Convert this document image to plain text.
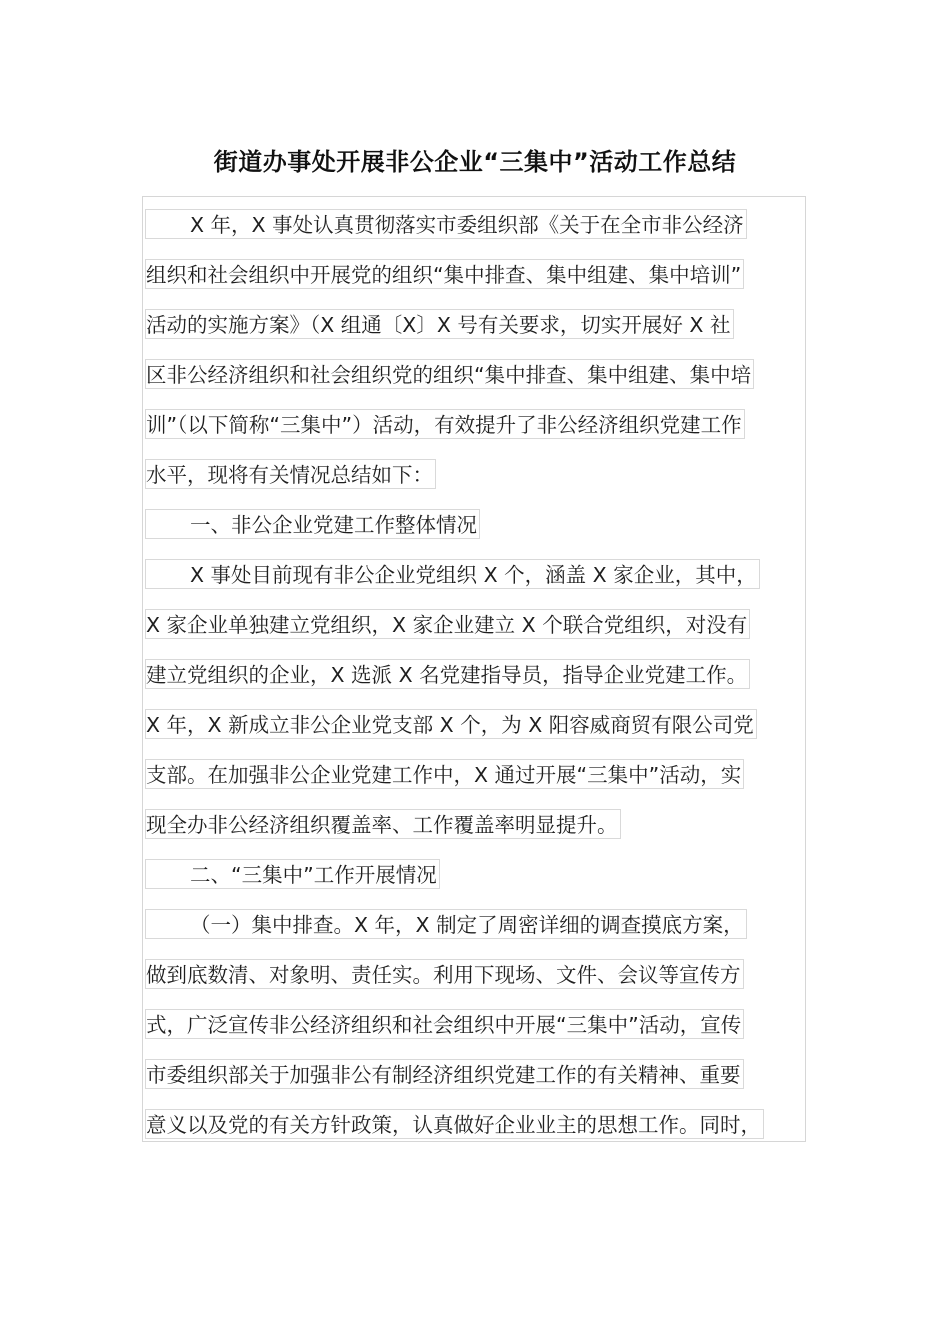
街道办事处开展非公企业“三集中”活动工作总结
X 年，X 事处认真贯彻落实市委组织部《关于在全市非公经济
组织和社会组织中开展党的组织“集中排查、集中组建、集中培训”
活动的实施方案》（X 组通〔X〕X 号有关要求，切实开展好 X 社
区非公经济组织和社会组织党的组织“集中排查、集中组建、集中培
训”（以下简称“三集中”）活动，有效提升了非公经济组织党建工作
水平，现将有关情况总结如下：
一、非公企业党建工作整体情况
X 事处目前现有非公企业党组织 X 个，涵盖 X 家企业，其中，
X 家企业单独建立党组织，X 家企业建立 X 个联合党组织，对没有
建立党组织的企业，X 选派 X 名党建指导员，指导企业党建工作。
X 年，X 新成立非公企业党支部 X 个，为 X 阳容威商贸有限公司党
支部。在加强非公企业党建工作中，X 通过开展“三集中”活动，实
现全办非公经济组织覆盖率、工作覆盖率明显提升。
二、“三集中”工作开展情况
（一）集中排查。X 年，X 制定了周密详细的调查摸底方案，
做到底数清、对象明、责任实。利用下现场、文件、会议等宣传方
式，广泛宣传非公经济组织和社会组织中开展“三集中”活动，宣传
市委组织部关于加强非公有制经济组织党建工作的有关精神、重要
意义以及党的有关方针政策，认真做好企业业主的思想工作。同时，
